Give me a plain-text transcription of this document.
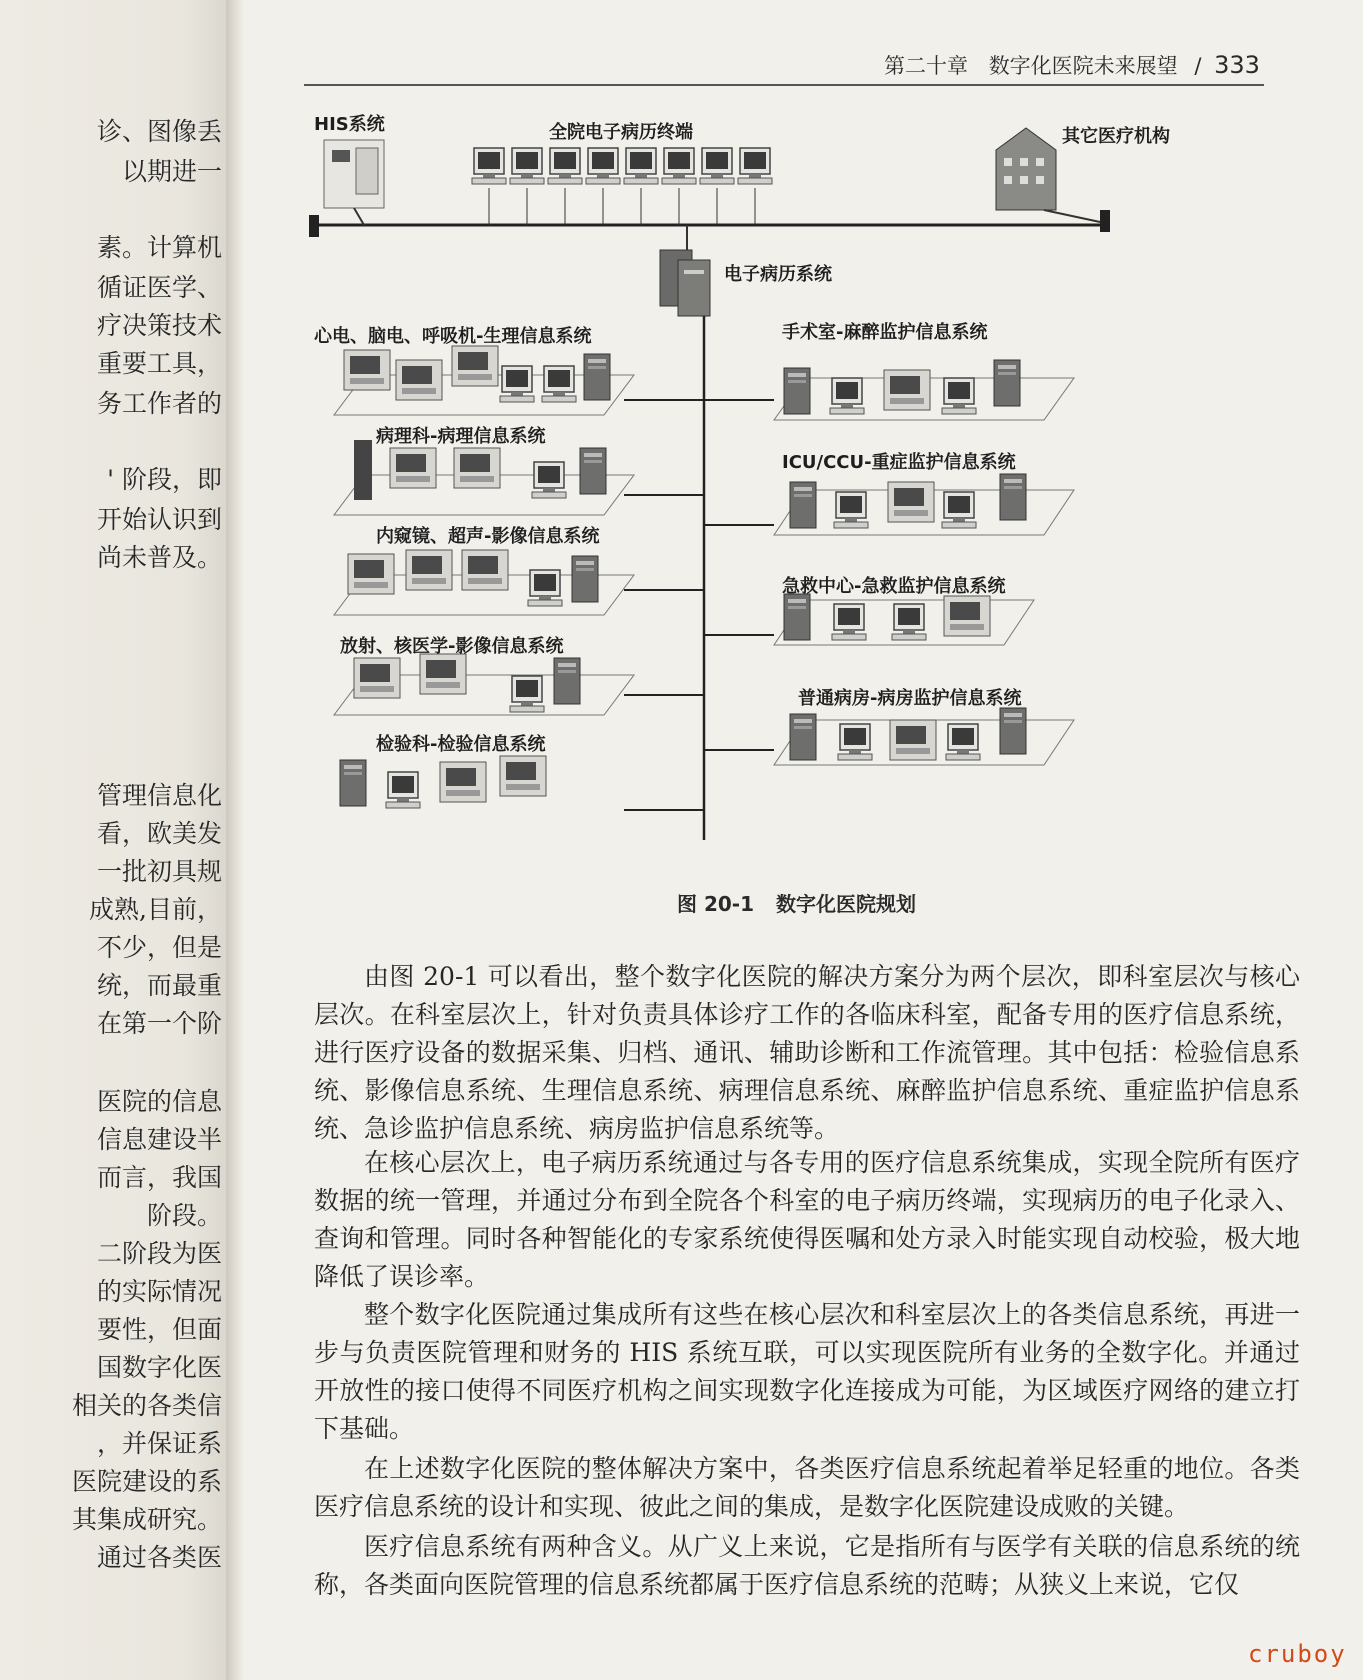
诊、图像丢
以期进一
素。计算机
循证医学、
疗决策技术
重要工具，
务工作者的
' 阶段，即
开始认识到
尚未普及。
管理信息化
看，欧美发
一批初具规
成熟,目前，
不少，但是
统，而最重
在第一个阶
医院的信息
信息建设半
而言，我国
阶段。
二阶段为医
的实际情况
要性，但面
国数字化医
相关的各类信
，并保证系
医院建设的系
其集成研究。
通过各类医
第二十章 数字化医院未来展望 / 333
HIS系统	全院电子病历终端	其它医疗机构
电子病历系统
心电、脑电、呼吸机-生理信息系统
病理科-病理信息系统
内窥镜、超声-影像信息系统
放射、核医学-影像信息系统
检验科-检验信息系统
手术室-麻醉监护信息系统
ICU/CCU-重症监护信息系统
急救中心-急救监护信息系统
普通病房-病房监护信息系统
图 20-1 数字化医院规划

由图 20-1 可以看出，整个数字化医院的解决方案分为两个层次，即科室层次与核心层次。在科室层次上，针对负责具体诊疗工作的各临床科室，配备专用的医疗信息系统，进行医疗设备的数据采集、归档、通讯、辅助诊断和工作流管理。其中包括：检验信息系统、影像信息系统、生理信息系统、病理信息系统、麻醉监护信息系统、重症监护信息系统、急诊监护信息系统、病房监护信息系统等。

在核心层次上，电子病历系统通过与各专用的医疗信息系统集成，实现全院所有医疗数据的统一管理，并通过分布到全院各个科室的电子病历终端，实现病历的电子化录入、查询和管理。同时各种智能化的专家系统使得医嘱和处方录入时能实现自动校验，极大地降低了误诊率。

整个数字化医院通过集成所有这些在核心层次和科室层次上的各类信息系统，再进一步与负责医院管理和财务的 HIS 系统互联，可以实现医院所有业务的全数字化。并通过开放性的接口使得不同医疗机构之间实现数字化连接成为可能，为区域医疗网络的建立打下基础。

在上述数字化医院的整体解决方案中，各类医疗信息系统起着举足轻重的地位。各类医疗信息系统的设计和实现、彼此之间的集成，是数字化医院建设成败的关键。

医疗信息系统有两种含义。从广义上来说，它是指所有与医学有关联的信息系统的统称，各类面向医院管理的信息系统都属于医疗信息系统的范畴；从狭义上来说，它仅

cruboy
